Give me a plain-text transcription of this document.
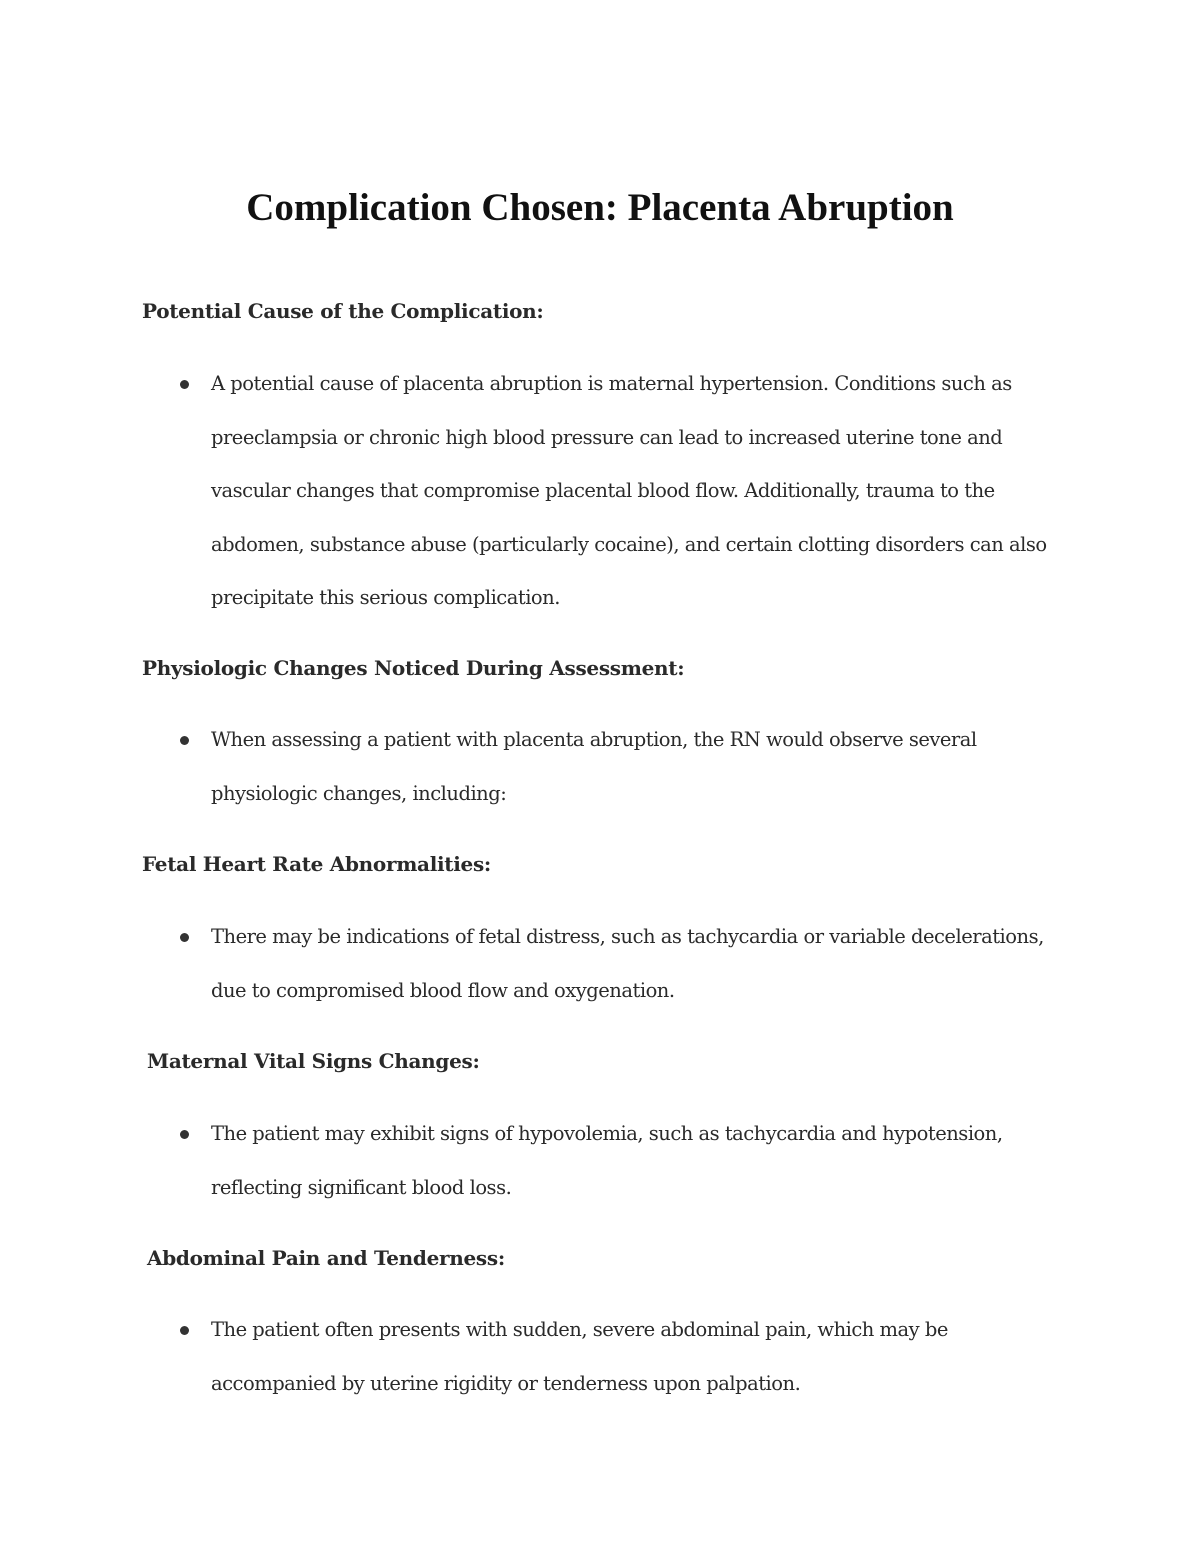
Complication Chosen: Placenta Abruption
Potential Cause of the Complication:

A potential cause of placenta abruption is maternal hypertension. Conditions such as preeclampsia or chronic high blood pressure can lead to increased uterine tone and vascular changes that compromise placental blood flow. Additionally, trauma to the abdomen, substance abuse (particularly cocaine), and certain clotting disorders can also precipitate this serious complication.

Physiologic Changes Noticed During Assessment:

When assessing a patient with placenta abruption, the RN would observe several physiologic changes, including:

Fetal Heart Rate Abnormalities:

There may be indications of fetal distress, such as tachycardia or variable decelerations, due to compromised blood flow and oxygenation.

Maternal Vital Signs Changes:

The patient may exhibit signs of hypovolemia, such as tachycardia and hypotension, reflecting significant blood loss.

Abdominal Pain and Tenderness:

The patient often presents with sudden, severe abdominal pain, which may be accompanied by uterine rigidity or tenderness upon palpation.
